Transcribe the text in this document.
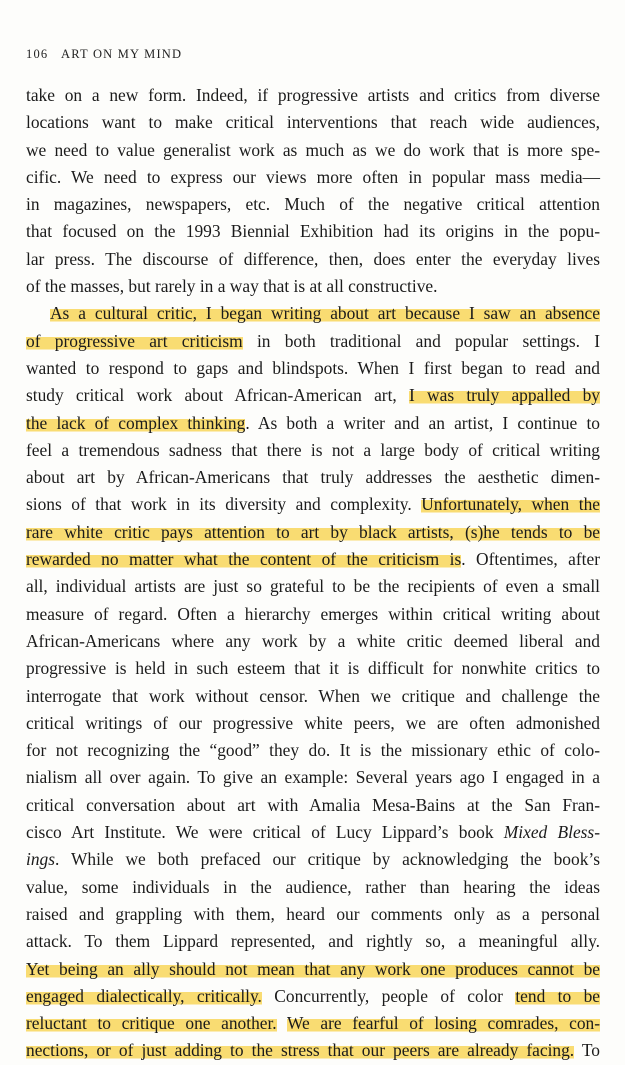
106 ART ON MY MIND
take on a new form. Indeed, if progressive artists and critics from diverse
locations want to make critical interventions that reach wide audiences,
we need to value generalist work as much as we do work that is more spe-
cific. We need to express our views more often in popular mass media—
in magazines, newspapers, etc. Much of the negative critical attention
that focused on the 1993 Biennial Exhibition had its origins in the popu-
lar press. The discourse of difference, then, does enter the everyday lives
of the masses, but rarely in a way that is at all constructive.
As a cultural critic, I began writing about art because I saw an absence
of progressive art criticism in both traditional and popular settings. I
wanted to respond to gaps and blindspots. When I first began to read and
study critical work about African-American art, I was truly appalled by
the lack of complex thinking. As both a writer and an artist, I continue to
feel a tremendous sadness that there is not a large body of critical writing
about art by African-Americans that truly addresses the aesthetic dimen-
sions of that work in its diversity and complexity. Unfortunately, when the
rare white critic pays attention to art by black artists, (s)he tends to be
rewarded no matter what the content of the criticism is. Oftentimes, after
all, individual artists are just so grateful to be the recipients of even a small
measure of regard. Often a hierarchy emerges within critical writing about
African-Americans where any work by a white critic deemed liberal and
progressive is held in such esteem that it is difficult for nonwhite critics to
interrogate that work without censor. When we critique and challenge the
critical writings of our progressive white peers, we are often admonished
for not recognizing the “good” they do. It is the missionary ethic of colo-
nialism all over again. To give an example: Several years ago I engaged in a
critical conversation about art with Amalia Mesa-Bains at the San Fran-
cisco Art Institute. We were critical of Lucy Lippard’s book Mixed Bless-
ings. While we both prefaced our critique by acknowledging the book’s
value, some individuals in the audience, rather than hearing the ideas
raised and grappling with them, heard our comments only as a personal
attack. To them Lippard represented, and rightly so, a meaningful ally.
Yet being an ally should not mean that any work one produces cannot be
engaged dialectically, critically. Concurrently, people of color tend to be
reluctant to critique one another. We are fearful of losing comrades, con-
nections, or of just adding to the stress that our peers are already facing. To
